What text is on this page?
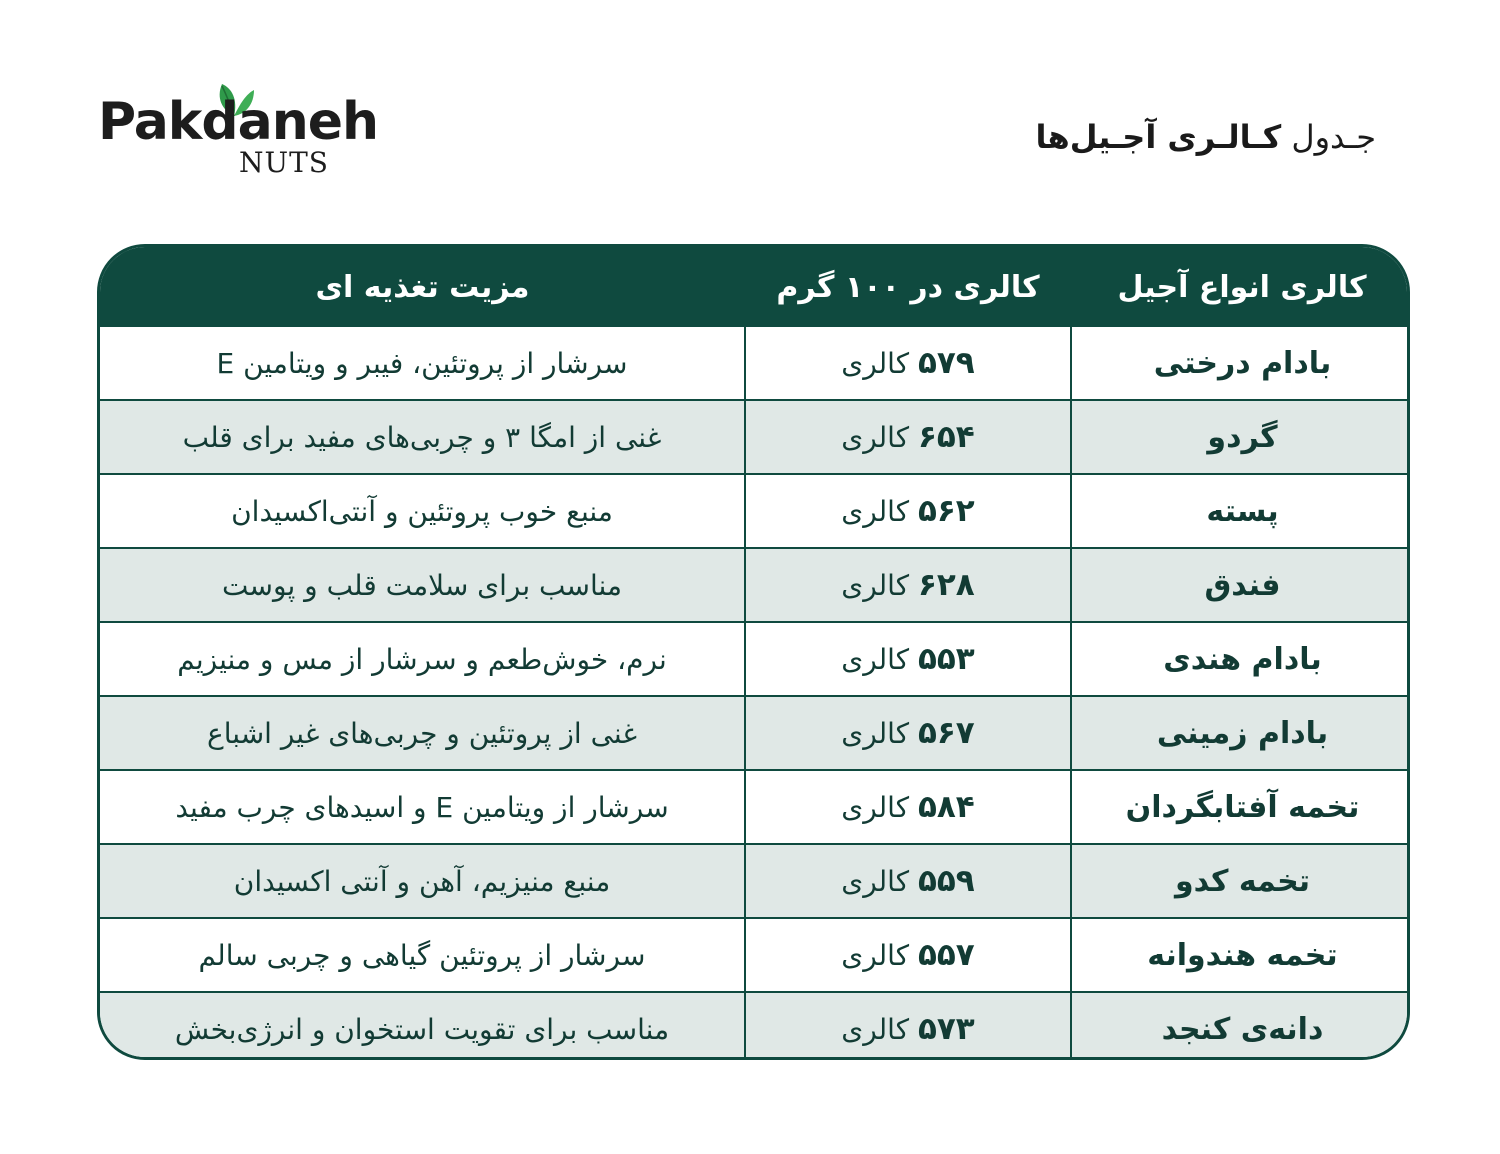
Pakdaneh
NUTS
جـدول کـالـری آجـیل‌ها
کالری انواع آجیل	کالری در ۱۰۰ گرم	مزیت تغذیه ای
بادام درختی	۵۷۹ کالری	سرشار از پروتئین، فیبر و ویتامین E
گردو	۶۵۴ کالری	غنی از امگا ۳ و چربی‌های مفید برای قلب
پسته	۵۶۲ کالری	منبع خوب پروتئین و آنتی‌اکسیدان
فندق	۶۲۸ کالری	مناسب برای سلامت قلب و پوست
بادام هندی	۵۵۳ کالری	نرم، خوش‌طعم و سرشار از مس و منیزیم
بادام زمینی	۵۶۷ کالری	غنی از پروتئین و چربی‌های غیر اشباع
تخمه آفتابگردان	۵۸۴ کالری	سرشار از ویتامین E و اسیدهای چرب مفید
تخمه کدو	۵۵۹ کالری	منبع منیزیم، آهن و آنتی اکسیدان
تخمه هندوانه	۵۵۷ کالری	سرشار از پروتئین گیاهی و چربی سالم
دانه‌ی کنجد	۵۷۳ کالری	مناسب برای تقویت استخوان و انرژی‌بخش
